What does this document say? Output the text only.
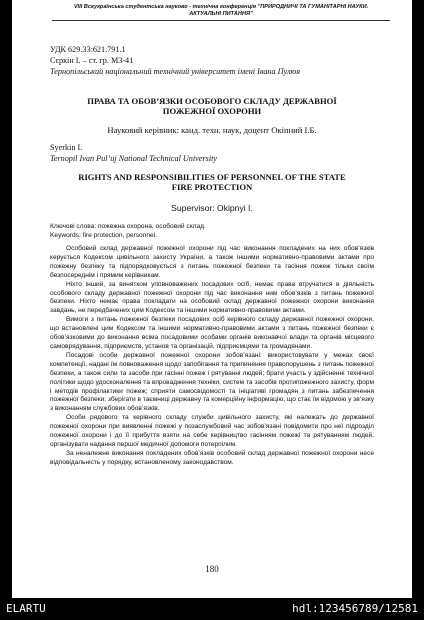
VIII Всеукраїнська студентська науково - технічна конференція "ПРИРОДНИЧІ ТА ГУМАНІТАРНІ НАУКИ.
АКТУАЛЬНІ ПИТАННЯ"
УДК 629.33:621.791.1
Сєркін І. – ст. гр. МЗ-41
Тернопільський національний технічний університет імені Івана Пулюя
ПРАВА ТА ОБОВ’ЯЗКИ ОСОБОВОГО СКЛАДУ ДЕРЖАВНОЇ
ПОЖЕЖНОЇ ОХОРОНИ
Науковий керівник: канд. техн. наук, доцент Окіпний І.Б.
Syerkin I.
Ternopil Ivan Pul’uj National Technical University
RIGHTS AND RESPONSIBILITIES OF PERSONNEL OF THE STATE
FIRE PROTECTION
Supervisor: Okipnyi I.
Ключові слова: пожежна охорона, особовий склад.
Keywords: fire protection, personnel.

Особовий склад державної пожежної охорони під час виконання покладених на них обов’язків керується Кодексом цивільного захисту України, а також іншими нормативно-правовими актами про пожежну безпеку та підпорядковується з питань пожежної безпеки та гасіння пожеж тільки своїм безпосереднім і прямим керівникам.

Ніхто інший, за винятком уповноважених посадових осіб, немає права втручатися в діяльність особового складу державної пожежної охорони під час виконання ним обов’язків з питань пожежної безпеки. Ніхто немає права покладати на особовий склад державної пожежної охорони виконання завдань, не передбачених цим Кодексом та іншими нормативно-правовими актами.

Вимоги з питань пожежної безпеки посадових осіб керівного складу державної пожежної охорони, що встановлені цим Кодексом та іншими нормативно-правовими актами з питань пожежної безпеки є обов’язковими до виконання всіма посадовими особами органів виконавчої влади та органів місцевого самоврядування, підприємств, установ та організацій, підприємцями та громадянами.

Посадові особи державної пожежної охорони зобов’язані: використовувати у межах своєї компетенції, надані їм повноваження щодо запобігання та припинення правопорушень з питань пожежної безпеки, а також сили та засоби при гасінні пожеж і рятуванні людей; брати участь у здійсненні технічної політики щодо удосконалення та впровадження техніки, систем та засобів протипожежного захисту, форм і методів профілактики пожеж; сприяти самосвідомості та ініціативі громадян з питань забезпечення пожежної безпеки; зберігати в таємниці державну та комерційну інформацію, що стає їм відомою у зв’язку з виконанням службових обов’язків.

Особи рядового та керівного складу служби цивільного захисту, які належать до державної пожежної охорони при виявленні пожежі у позаслужбовий час зобов’язані повідомити про неї підрозділ пожежної охорони і до її прибуття взяти на себе керівництво гасінням пожежі та рятуванням людей, організувати надання першої медичної допомоги потерпілим.

За неналежне виконання покладених обов’язків особовий склад державної пожежної охорони несе відповідальність у порядку, встановленому законодавством.

180
ELARTU	hdl:123456789/12581
